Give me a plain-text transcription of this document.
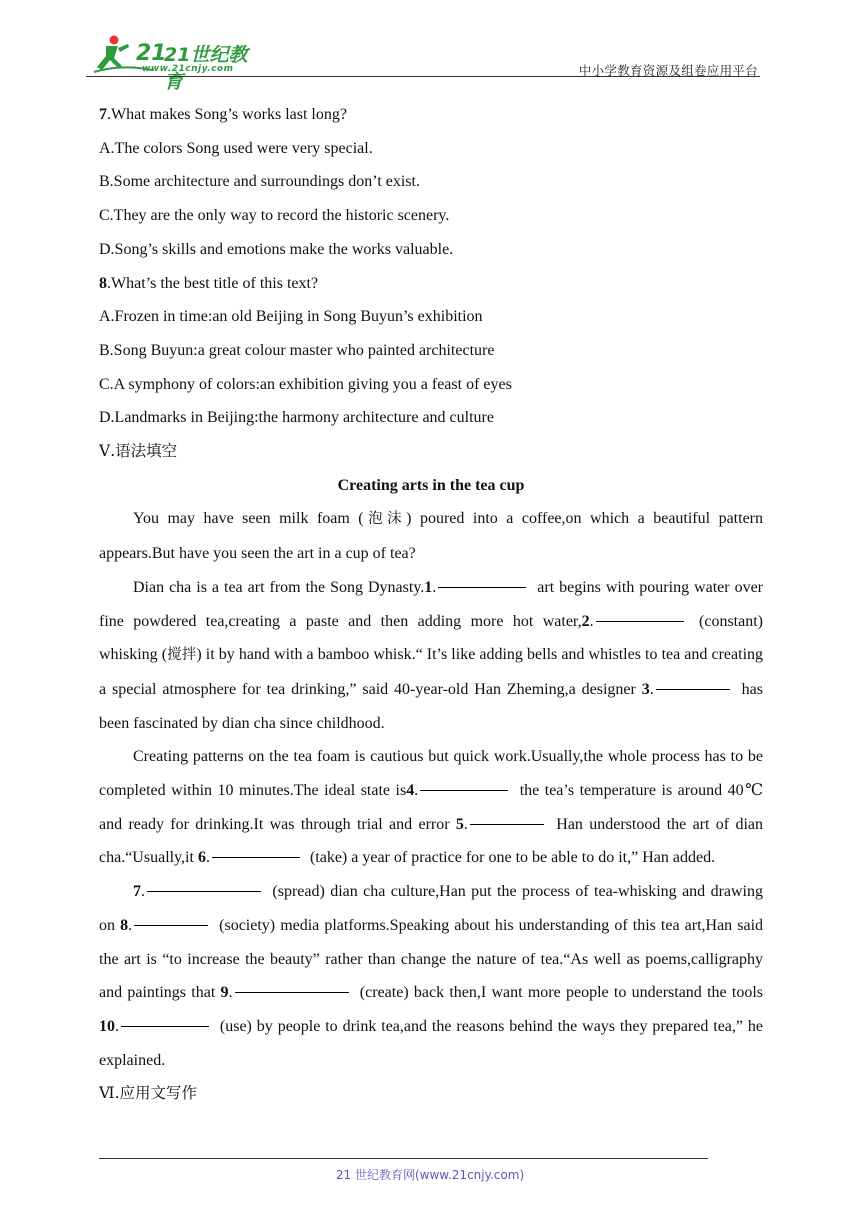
21
21世纪教育
www.21cnjy.com	中小学教育资源及组卷应用平台
7.What makes Song’s works last long?
A.The colors Song used were very special.
B.Some architecture and surroundings don’t exist.
C.They are the only way to record the historic scenery.
D.Song’s skills and emotions make the works valuable.
8.What’s the best title of this text?
A.Frozen in time:an old Beijing in Song Buyun’s exhibition
B.Song Buyun:a great colour master who painted architecture
C.A symphony of colors:an exhibition giving you a feast of eyes
D.Landmarks in Beijing:the harmony architecture and culture
Ⅴ.语法填空
Creating arts in the tea cup

You may have seen milk foam (泡沫) poured into a coffee,on which a beautiful pattern appears.But have you seen the art in a cup of tea?

Dian cha is a tea art from the Song Dynasty.1.	art begins with pouring water over fine powdered tea,creating a paste and then adding more hot water,2.	(constant) whisking (搅拌) it by hand with a bamboo whisk.“ It’s like adding bells and whistles to tea and creating a special atmosphere for tea drinking,” said 40-year-old Han Zheming,a designer 3.	has been fascinated by dian cha since childhood.

Creating patterns on the tea foam is cautious but quick work.Usually,the whole process has to be completed within 10 minutes.The ideal state is4.	the tea’s temperature is around 40℃ and ready for drinking.It was through trial and error 5.	Han understood the art of dian cha.“Usually,it 6.	(take) a year of practice for one to be able to do it,” Han added.

7.	(spread) dian cha culture,Han put the process of tea-whisking and drawing on 8.	(society) media platforms.Speaking about his understanding of this tea art,Han said the art is “to increase the beauty” rather than change the nature of tea.“As well as poems,calligraphy and paintings that 9.	(create) back then,I want more people to understand the tools 10.	(use) by people to drink tea,and the reasons behind the ways they prepared tea,” he explained.

Ⅵ.应用文写作
21 世纪教育网(www.21cnjy.com)
